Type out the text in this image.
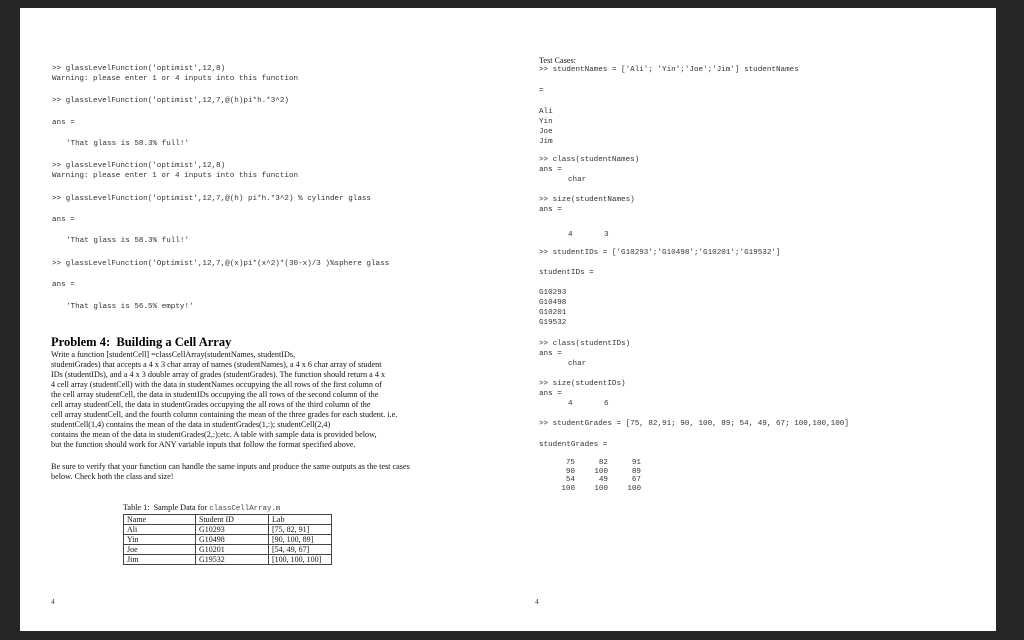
>> glassLevelFunction('optimist',12,8)
Warning: please enter 1 or 4 inputs into this function
>> glassLevelFunction('optimist',12,7,@(h)pi*h.*3^2)
ans =
'That glass is 58.3% full!'
>> glassLevelFunction('optimist',12,8)
Warning: please enter 1 or 4 inputs into this function
>> glassLevelFunction('optimist',12,7,@(h) pi*h.*3^2) % cylinder glass
ans =
'That glass is 58.3% full!'
>> glassLevelFunction('Optimist',12,7,@(x)pi*(x^2)*(30-x)/3 )%sphere glass
ans =
'That glass is 56.5% empty!'
Problem 4:  Building a Cell Array
Write a function [studentCell] =classCellArray(studentNames, studentIDs,
studentGrades) that accepts a 4 x 3 char array of names (studentNames), a 4 x 6 char array of student
IDs (studentIDs), and a 4 x 3 double array of grades (studentGrades). The function should return a 4 x
4 cell array (studentCell) with the data in studentNames occupying the all rows of the first column of
the cell array studentCell, the data in studentIDs occupying the all rows of the second column of the
cell array studentCell, the data in studentGrades occupying the all rows of the third column of the
cell array studentCell, and the fourth column containing the mean of the three grades for each student. i.e.
studentCell(1,4) contains the mean of the data in studentGrades(1,:); studentCell(2,4)
contains the mean of the data in studentGrades(2,:);etc. A table with sample data is provided below,
but the function should work for ANY variable inputs that follow the format specified above.
Be sure to verify that your function can handle the same inputs and produce the same outputs as the test cases
below. Check both the class and size!
Table 1:  Sample Data for classCellArray.m
Name	Student ID	Lab
Ali	G10293	[75, 82, 91]
Yin	G10498	[90, 100, 89]
Joe	G10201	[54, 49, 67]
Jim	G19532	[100, 100, 100]
4
Test Cases:
>> studentNames = ['Ali'; 'Yin';'Joe';'Jim'] studentNames
=
Ali
Yin
Joe
Jim
>> class(studentNames)
ans =
char
>> size(studentNames)
ans =
4	3
>> studentIDs = ['G10293';'G10498';'G10201';'G19532']
studentIDs =
G10293
G10498
G10201
G19532
>> class(studentIDs)
ans =
char
>> size(studentIDs)
ans =
4	6
>> studentGrades = [75, 82,91; 90, 100, 89; 54, 49, 67; 100,100,100]
studentGrades =
75	82	91
90	100	89
54	49	67
100	100	100
4
